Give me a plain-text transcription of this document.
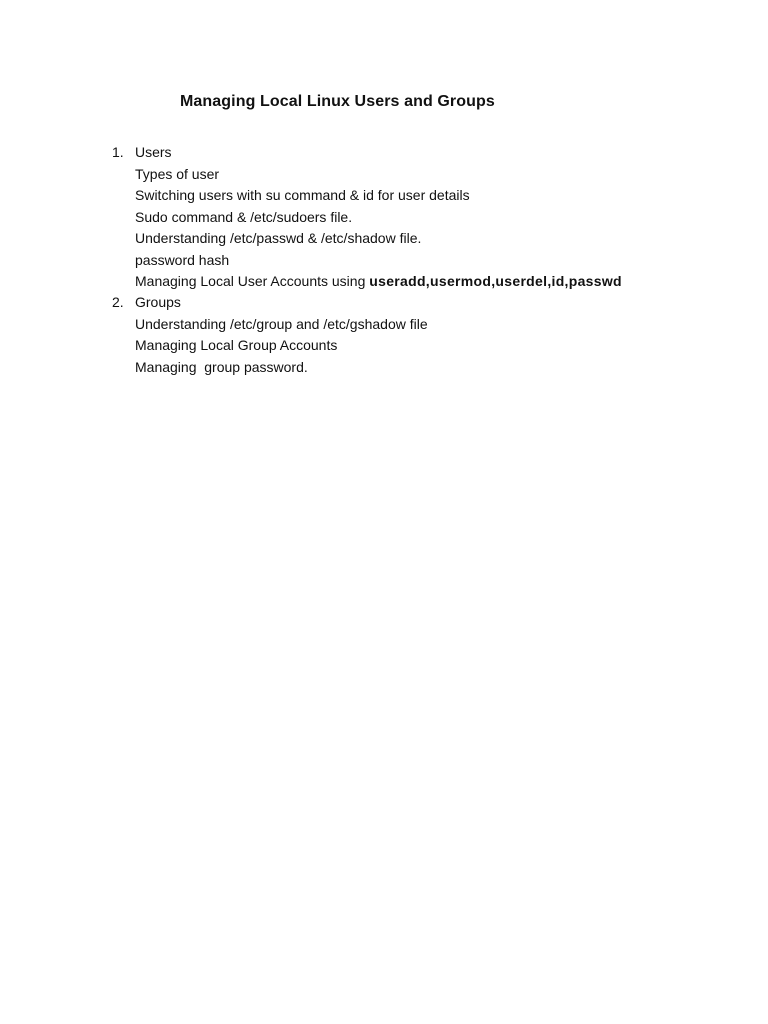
Managing Local Linux Users and Groups
1. Users
Types of user
Switching users with su command & id for user details
Sudo command & /etc/sudoers file.
Understanding /etc/passwd & /etc/shadow file.
password hash
Managing Local User Accounts using useradd,usermod,userdel,id,passwd
2. Groups
Understanding /etc/group and /etc/gshadow file
Managing Local Group Accounts
Managing  group password.
